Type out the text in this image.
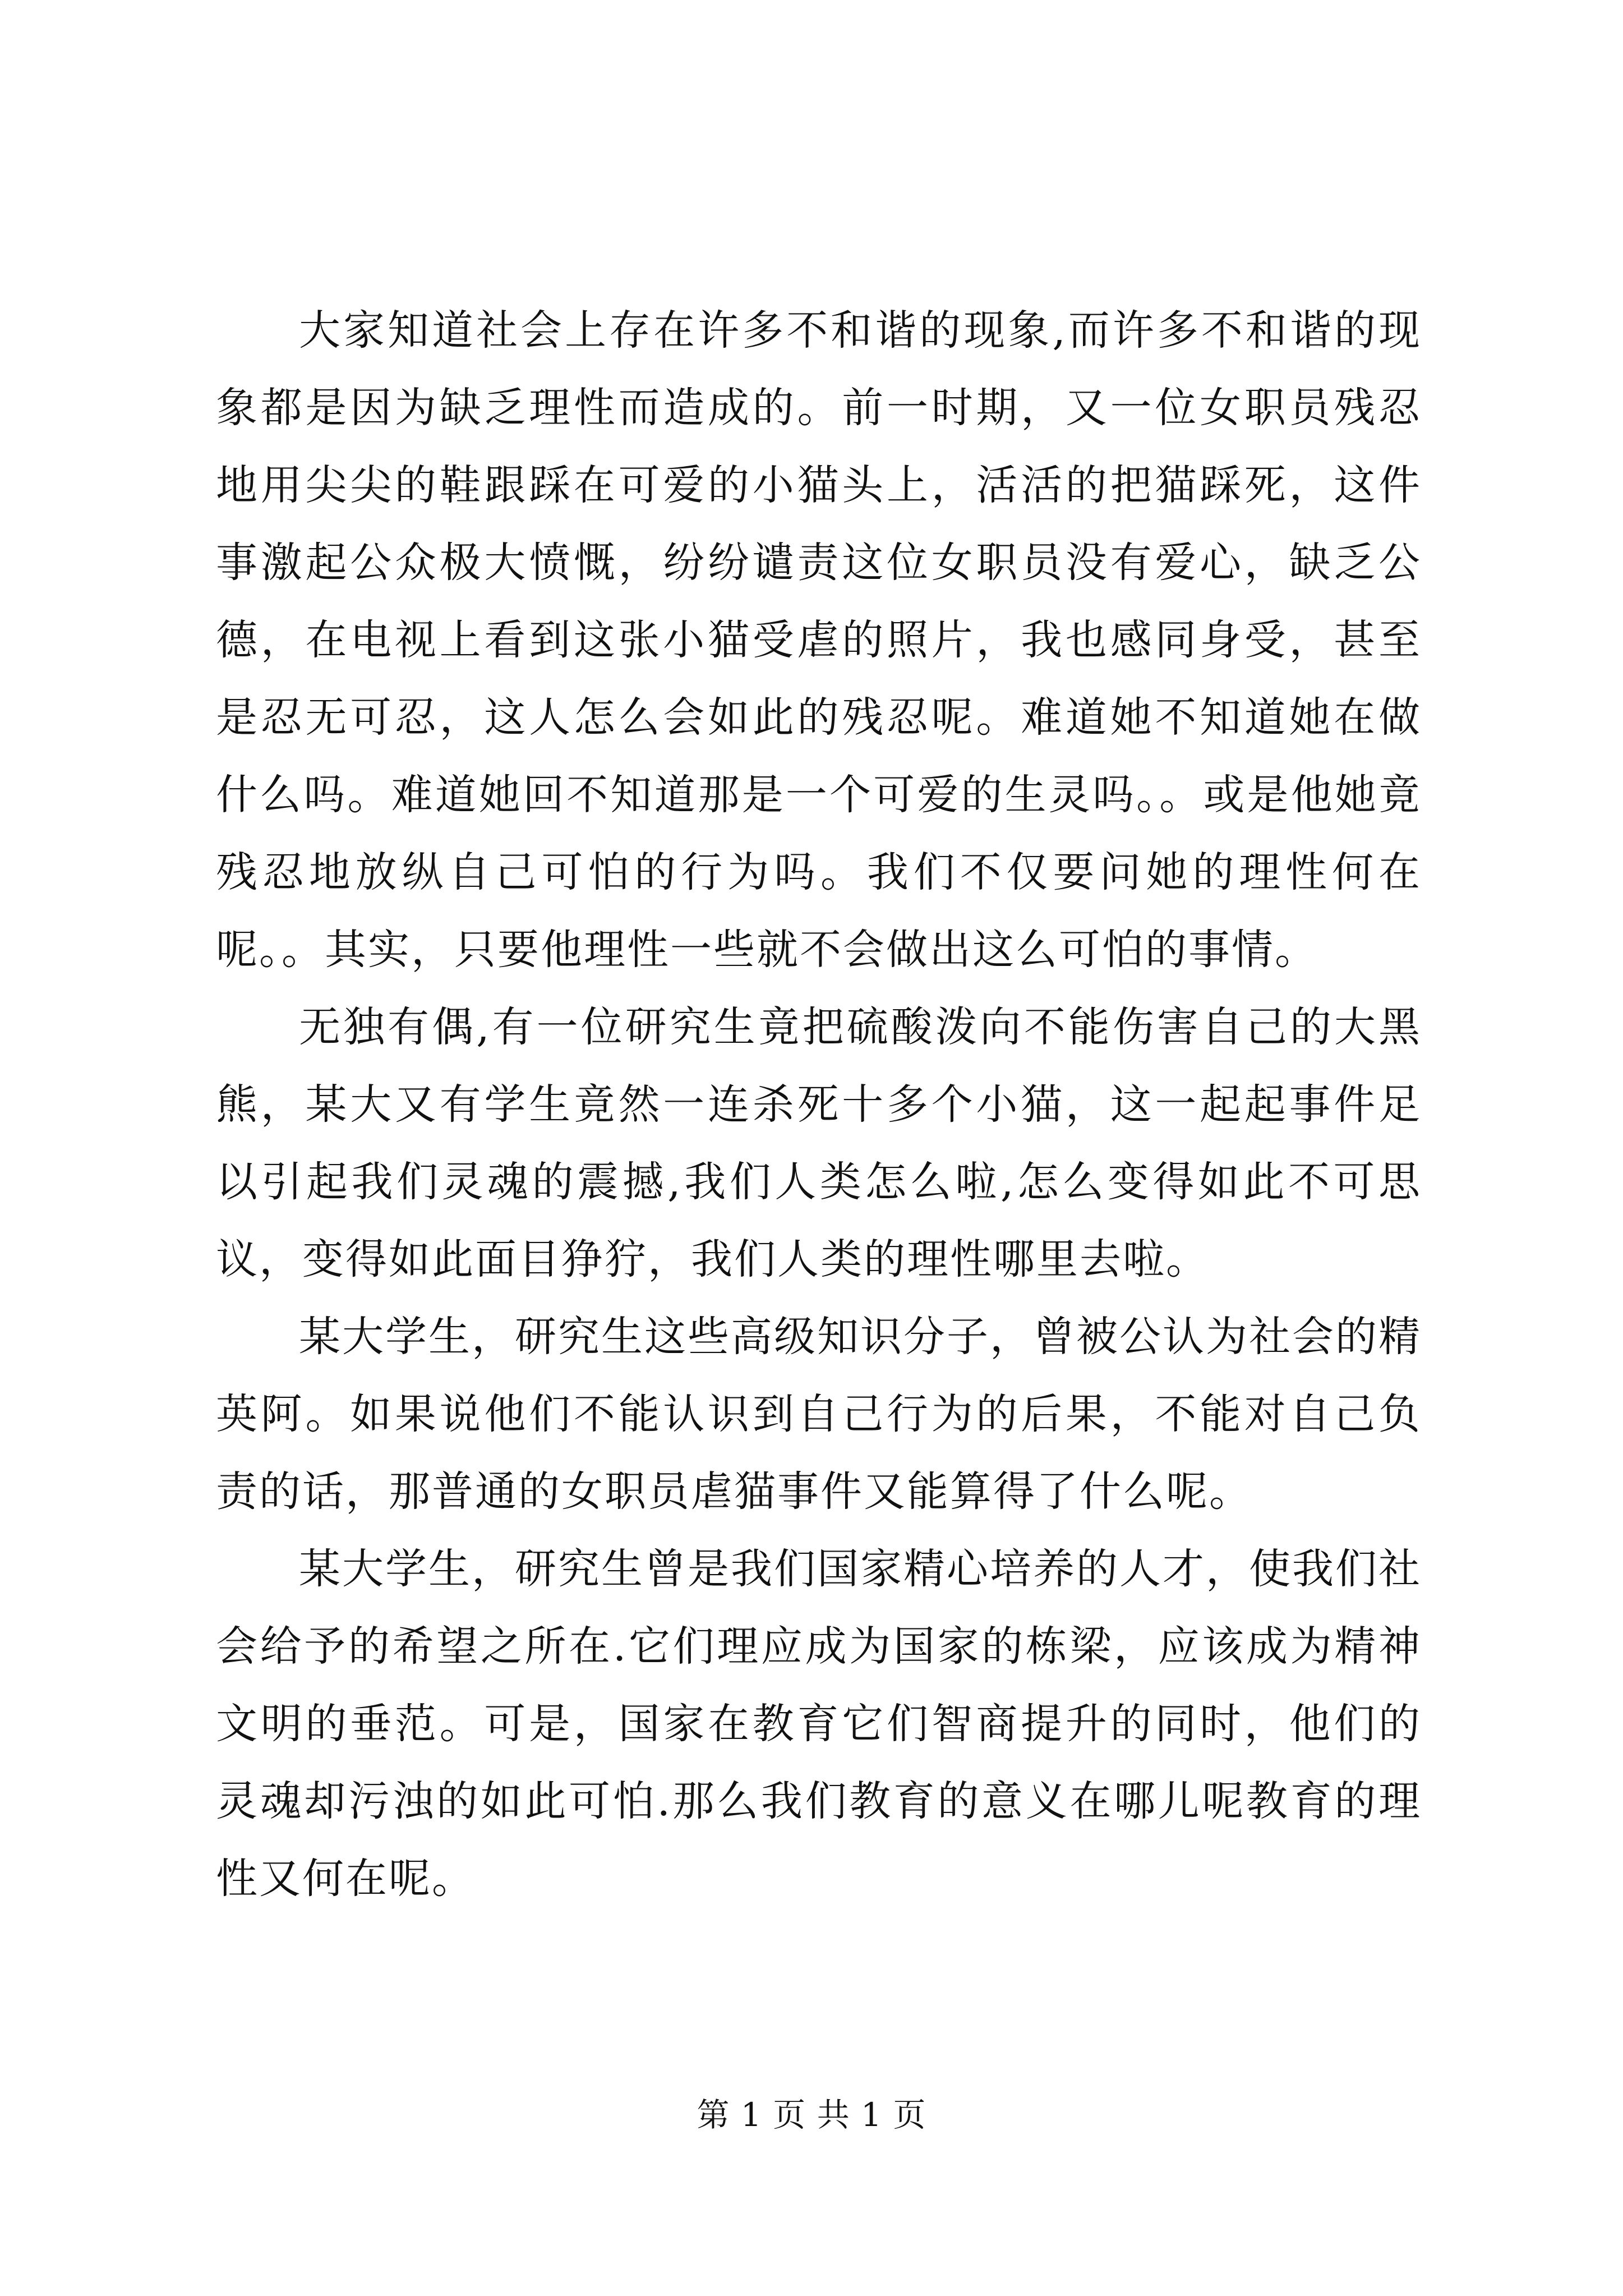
大家知道社会上存在许多不和谐的现象,而许多不和谐的现象都是因为缺乏理性而造成的。前一时期，又一位女职员残忍地用尖尖的鞋跟踩在可爱的小猫头上，活活的把猫踩死，这件事激起公众极大愤慨，纷纷谴责这位女职员没有爱心，缺乏公德，在电视上看到这张小猫受虐的照片，我也感同身受，甚至是忍无可忍，这人怎么会如此的残忍呢。难道她不知道她在做什么吗。难道她回不知道那是一个可爱的生灵吗。。或是他她竟残忍地放纵自己可怕的行为吗。我们不仅要问她的理性何在呢。。其实，只要他理性一些就不会做出这么可怕的事情。

无独有偶,有一位研究生竟把硫酸泼向不能伤害自己的大黑熊，某大又有学生竟然一连杀死十多个小猫，这一起起事件足以引起我们灵魂的震撼,我们人类怎么啦,怎么变得如此不可思议，变得如此面目狰狞，我们人类的理性哪里去啦。

某大学生，研究生这些高级知识分子，曾被公认为社会的精英阿。如果说他们不能认识到自己行为的后果，不能对自己负责的话，那普通的女职员虐猫事件又能算得了什么呢。

某大学生，研究生曾是我们国家精心培养的人才，使我们社会给予的希望之所在.它们理应成为国家的栋梁，应该成为精神文明的垂范。可是，国家在教育它们智商提升的同时，他们的灵魂却污浊的如此可怕.那么我们教育的意义在哪儿呢教育的理性又何在呢。

第 1 页 共 1 页
